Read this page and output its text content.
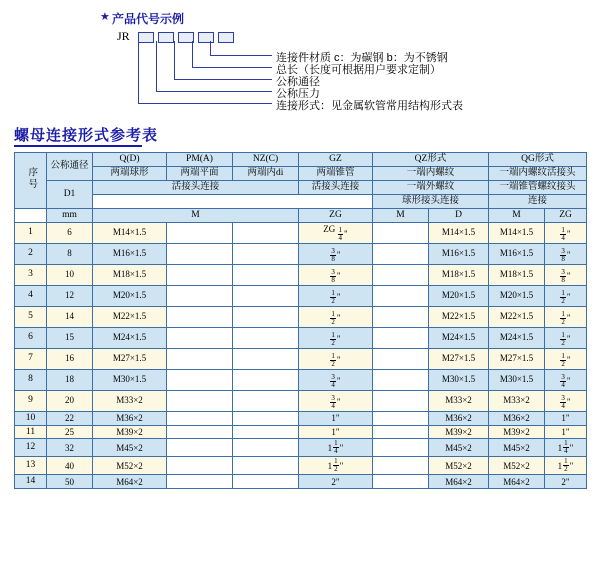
★ 产品代号示例
JR
连接件材质 c：为碳钢 b：为不锈钢
总长（长度可根据用户要求定制）
公称通径
公称压力
连接形式：见金属软管常用结构形式表
螺母连接形式参考表
序号	公称通径	Q(D)	PM(A)	NZ(C)	GZ	QZ形式		QG形式	
		两端球形	两端平面	两端内di	两端锥管	一端内螺纹		一端内螺纹活接头	
	D1	活接头连接			活接头连接	一端外螺纹		一端锥管螺纹接头	
						球形接头连接		连接	
	mm	M			ZG	M	D	M	ZG
1	6	M14×1.5			ZG $\frac{1}{4}$ "		M14×1.5	M14×1.5	$\frac{1}{4}$ "

2	8	M16×1.5			$\frac{3}{8}$ "		M16×1.5	M16×1.5	$\frac{3}{8}$ "

3	10	M18×1.5			$\frac{3}{8}$ "		M18×1.5	M18×1.5	$\frac{3}{8}$ "

4	12	M20×1.5			$\frac{1}{2}$ "		M20×1.5	M20×1.5	$\frac{1}{2}$ "

5	14	M22×1.5			$\frac{1}{2}$ "		M22×1.5	M22×1.5	$\frac{1}{2}$ "

6	15	M24×1.5			$\frac{1}{2}$ "		M24×1.5	M24×1.5	$\frac{1}{2}$ "

7	16	M27×1.5			$\frac{1}{2}$ "		M27×1.5	M27×1.5	$\frac{1}{2}$ "

8	18	M30×1.5			$\frac{3}{4}$ "		M30×1.5	M30×1.5	$\frac{3}{4}$ "

9	20	M33×2			$\frac{3}{4}$ "		M33×2	M33×2	$\frac{3}{4}$ "

10	22	M36×2			1"		M36×2	M36×2	1"
11	25	M39×2			1"		M39×2	M39×2	1"
12	32	M45×2			$1 \frac{1}{4}$ "		M45×2	M45×2	$1 \frac{1}{4}$ "

13	40	M52×2			$1 \frac{1}{2}$ "		M52×2	M52×2	$1 \frac{1}{2}$ "

14	50	M64×2			2"		M64×2	M64×2	2"
